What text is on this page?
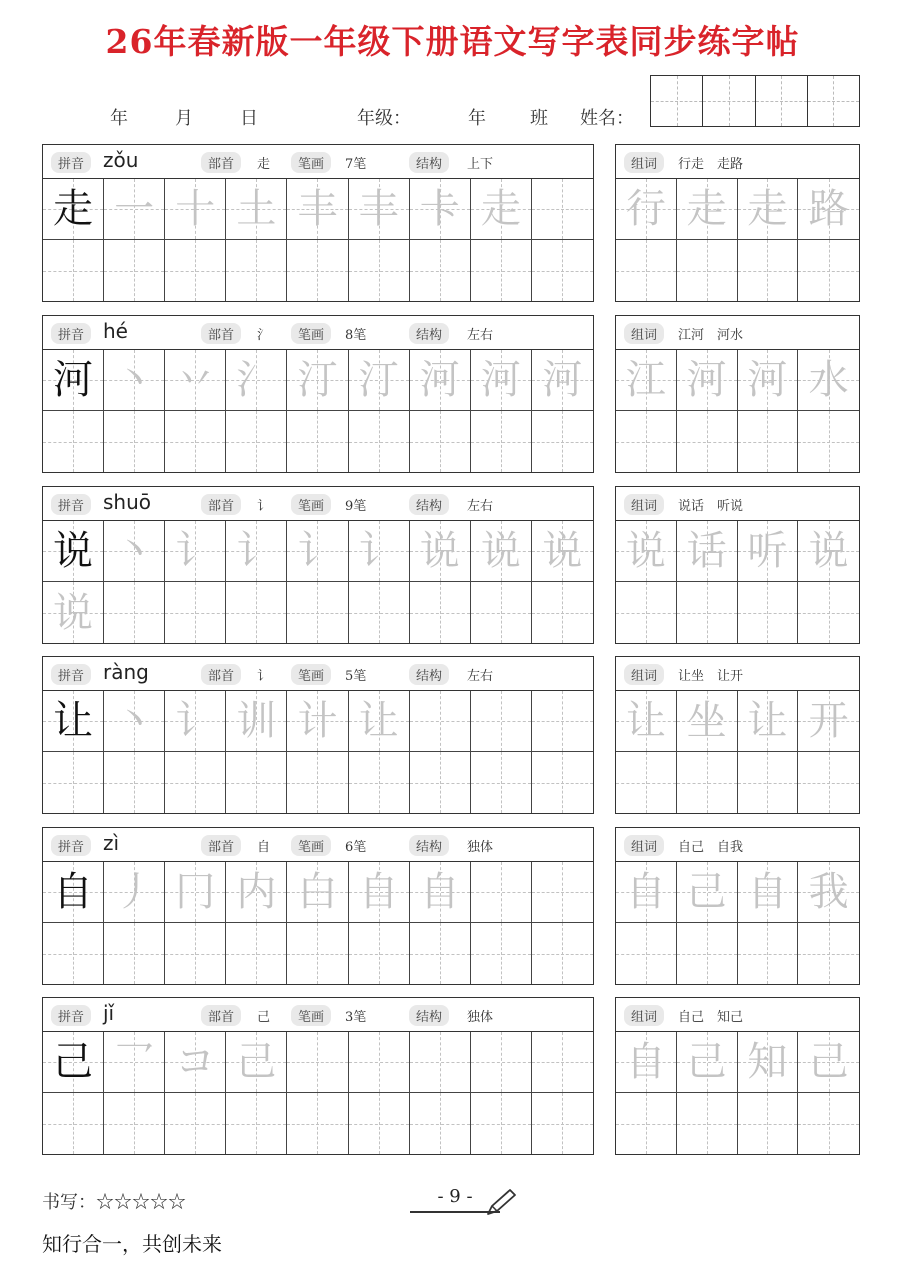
26年春新版一年级下册语文写字表同步练字帖
年	月	日	年级：	年 班 姓名：
拼音 zǒu	部首	走	笔画	7笔	结构	上下
走 一 十 土 丰 丰 卡 走
组词	行走　走路
行 走 走 路
拼音 hé	部首	氵	笔画	8笔	结构	左右
河 丶 丷 氵 汀 汀 河 河 河
组词	江河　河水
江 河 河 水
拼音 shuō	部首	讠	笔画	9笔	结构	左右
说 丶 讠 讠 讠 讠 说 说 说
说
组词	说话　听说
说 话 听 说
拼音 ràng	部首	讠	笔画	5笔	结构	左右
让 丶 讠 训 计 让
组词	让坐　让开
让 坐 让 开
拼音 zì	部首	自	笔画	6笔	结构	独体
自 丿 冂 内 白 自 自
组词	自己　自我
自 己 自 我
拼音 jǐ	部首	己	笔画	3笔	结构	独体
己 乛 コ 己
组词	自己　知己
自 己 知 己
书写：☆☆☆☆☆	- 9 -
知行合一，共创未来
